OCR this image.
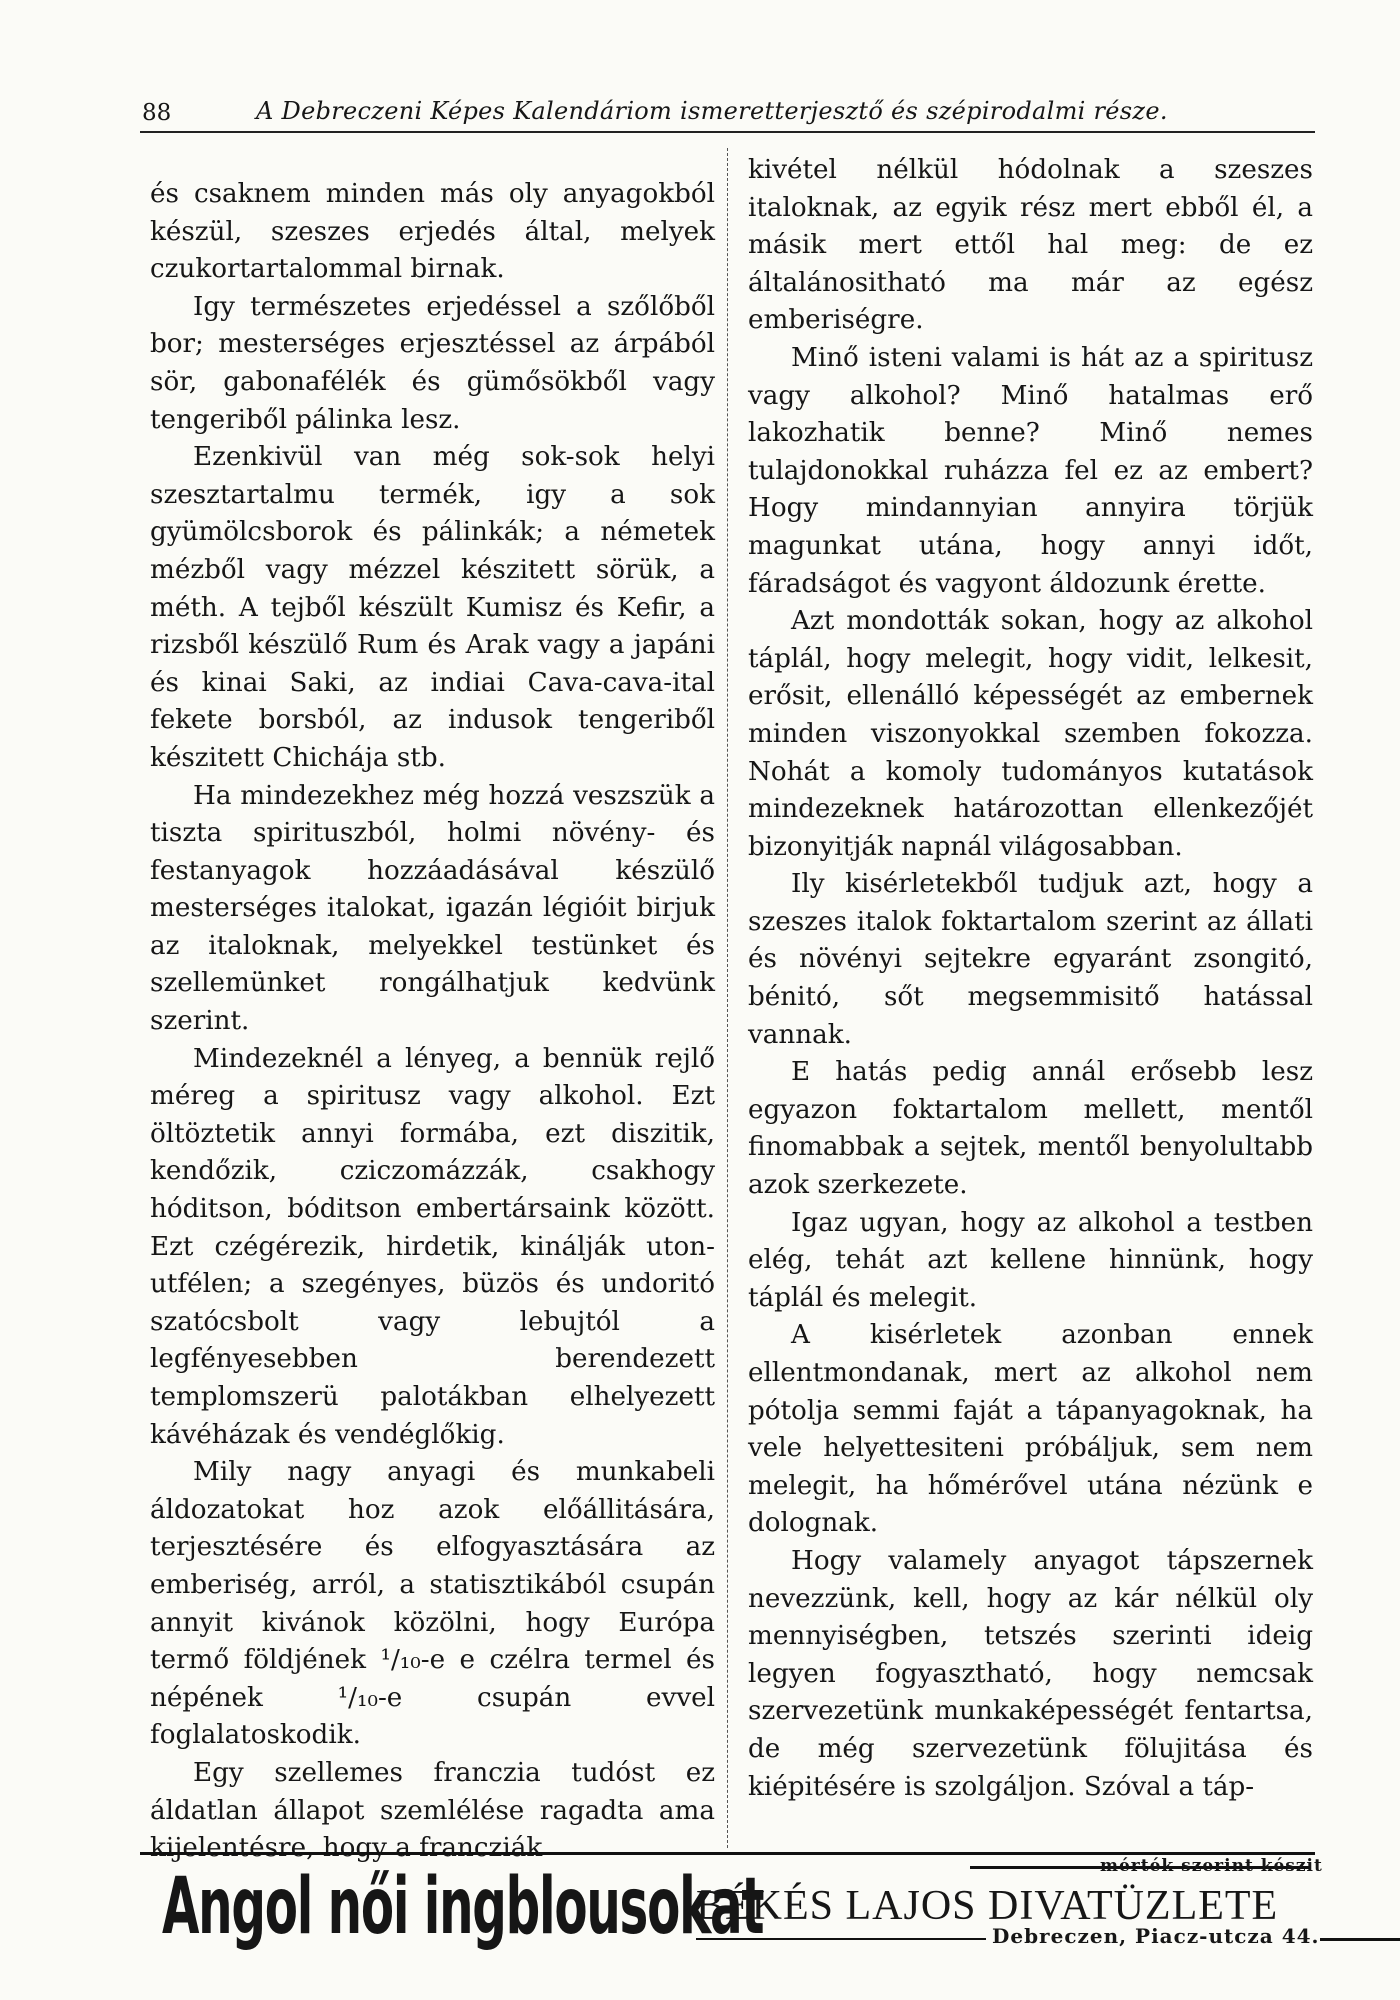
88	A Debreczeni Képes Kalendáriom ismeretterjesztő és szépirodalmi része.

és csaknem minden más oly anyagokból készül, szeszes erjedés által, melyek czukortartalommal birnak.

Igy természetes erjedéssel a szőlőből bor; mesterséges erjesztéssel az árpából sör, gabonafélék és gümősökből vagy tengeriből pálinka lesz.

Ezenkivül van még sok-sok helyi szesztartalmu termék, igy a sok gyümölcsborok és pálinkák; a németek mézből vagy mézzel készitett sörük, a méth. A tejből készült Kumisz és Kefir, a rizsből készülő Rum és Arak vagy a japáni és kinai Saki, az indiai Cava-cava-ital fekete borsból, az indusok tengeriből készitett Chichája stb.

Ha mindezekhez még hozzá veszszük a tiszta spirituszból, holmi növény- és festanyagok hozzáadásával készülő mesterséges italokat, igazán légióit birjuk az italoknak, melyekkel testünket és szellemünket rongálhatjuk kedvünk szerint.

Mindezeknél a lényeg, a bennük rejlő méreg a spiritusz vagy alkohol. Ezt öltöztetik annyi formába, ezt diszitik, kendőzik, cziczomázzák, csakhogy hóditson, bóditson embertársaink között. Ezt czégérezik, hirdetik, kinálják uton-utfélen; a szegényes, büzös és undoritó szatócsbolt vagy lebujtól a legfényesebben berendezett templomszerü palotákban elhelyezett kávéházak és vendéglőkig.

Mily nagy anyagi és munkabeli áldozatokat hoz azok előállitására, terjesztésére és elfogyasztására az emberiség, arról, a statisztikából csupán annyit kivánok közölni, hogy Európa termő földjének ¹/₁₀-e e czélra termel és népének ¹/₁₀-e csupán evvel foglalatoskodik.

Egy szellemes franczia tudóst ez áldatlan állapot szemlélése ragadta ama kijelentésre, hogy a francziák

kivétel nélkül hódolnak a szeszes italoknak, az egyik rész mert ebből él, a másik mert ettől hal meg: de ez általánositható ma már az egész emberiségre.

Minő isteni valami is hát az a spiritusz vagy alkohol? Minő hatalmas erő lakozhatik benne? Minő nemes tulajdonokkal ruházza fel ez az embert? Hogy mindannyian annyira törjük magunkat utána, hogy annyi időt, fáradságot és vagyont áldozunk érette.

Azt mondották sokan, hogy az alkohol táplál, hogy melegit, hogy vidit, lelkesit, erősit, ellenálló képességét az embernek minden viszonyokkal szemben fokozza. Nohát a komoly tudományos kutatások mindezeknek határozottan ellenkezőjét bizonyitják napnál világosabban.

Ily kisérletekből tudjuk azt, hogy a szeszes italok foktartalom szerint az állati és növényi sejtekre egyaránt zsongitó, bénitó, sőt megsemmisitő hatással vannak.

E hatás pedig annál erősebb lesz egyazon foktartalom mellett, mentől finomabbak a sejtek, mentől benyolultabb azok szerkezete.

Igaz ugyan, hogy az alkohol a testben elég, tehát azt kellene hinnünk, hogy táplál és melegit.

A kisérletek azonban ennek ellentmondanak, mert az alkohol nem pótolja semmi faját a tápanyagoknak, ha vele helyettesiteni próbáljuk, sem nem melegit, ha hőmérővel utána nézünk e dolognak.

Hogy valamely anyagot tápszernek nevezzünk, kell, hogy az kár nélkül oly mennyiségben, tetszés szerinti ideig legyen fogyasztható, hogy nemcsak szervezetünk munkaképességét fentartsa, de még szervezetünk fölujitása és kiépitésére is szolgáljon. Szóval a táp-

Angol női ingblousokat	mérték szerint készit
BÉKÉS LAJOS DIVATÜZLETE
Debreczen, Piacz-utcza 44.
